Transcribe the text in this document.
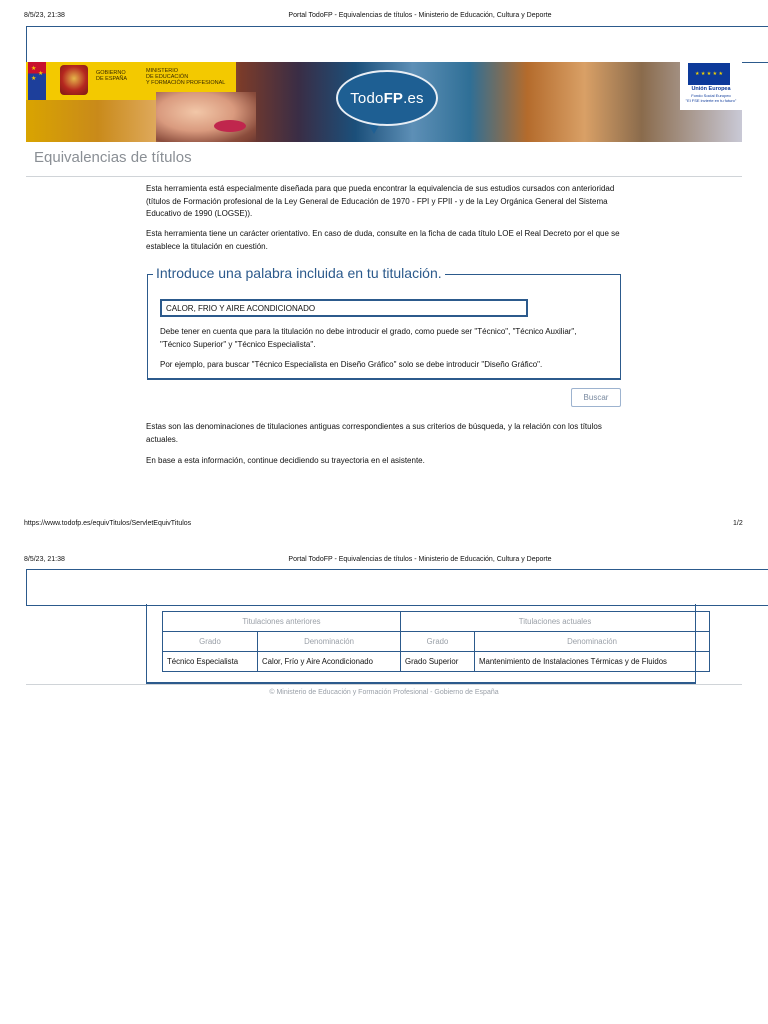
8/5/23, 21:38	Portal TodoFP - Equivalencias de títulos - Ministerio de Educación, Cultura y Deporte
★
★
★
GOBIERNO
DE ESPAÑA
MINISTERIO
DE EDUCACIÓN
Y FORMACIÓN PROFESIONAL
Todo FP .es
★ ★ ★ ★ ★
Unión Europea
Fondo Social Europeo
"El FSE invierte en tu futuro"
Equivalencias de títulos
Esta herramienta está especialmente diseñada para que pueda encontrar la equivalencia de sus estudios cursados con anterioridad (títulos de Formación profesional de la Ley General de Educación de 1970 - FPI y FPII - y de la Ley Orgánica General del Sistema Educativo de 1990 (LOGSE)).
Esta herramienta tiene un carácter orientativo. En caso de duda, consulte en la ficha de cada título LOE el Real Decreto por el que se establece la titulación en cuestión.
Introduce una palabra incluida en tu titulación.
CALOR, FRIO Y AIRE ACONDICIONADO
Debe tener en cuenta que para la titulación no debe introducir el grado, como puede ser "Técnico", "Técnico Auxiliar", "Técnico Superior" y "Técnico Especialista".
Por ejemplo, para buscar "Técnico Especialista en Diseño Gráfico" solo se debe introducir "Diseño Gráfico".
Buscar
Estas son las denominaciones de titulaciones antiguas correspondientes a sus criterios de búsqueda, y la relación con los títulos actuales.
En base a esta información, continue decidiendo su trayectoria en el asistente.
https://www.todofp.es/equivTitulos/ServletEquivTitulos	1/2
8/5/23, 21:38	Portal TodoFP - Equivalencias de títulos - Ministerio de Educación, Cultura y Deporte
Titulaciones anteriores		Titulaciones actuales	
Grado	Denominación	Grado	Denominación
Técnico Especialista	Calor, Frío y Aire Acondicionado	Grado Superior	Mantenimiento de Instalaciones Térmicas y de Fluidos
© Ministerio de Educación y Formación Profesional - Gobierno de España
